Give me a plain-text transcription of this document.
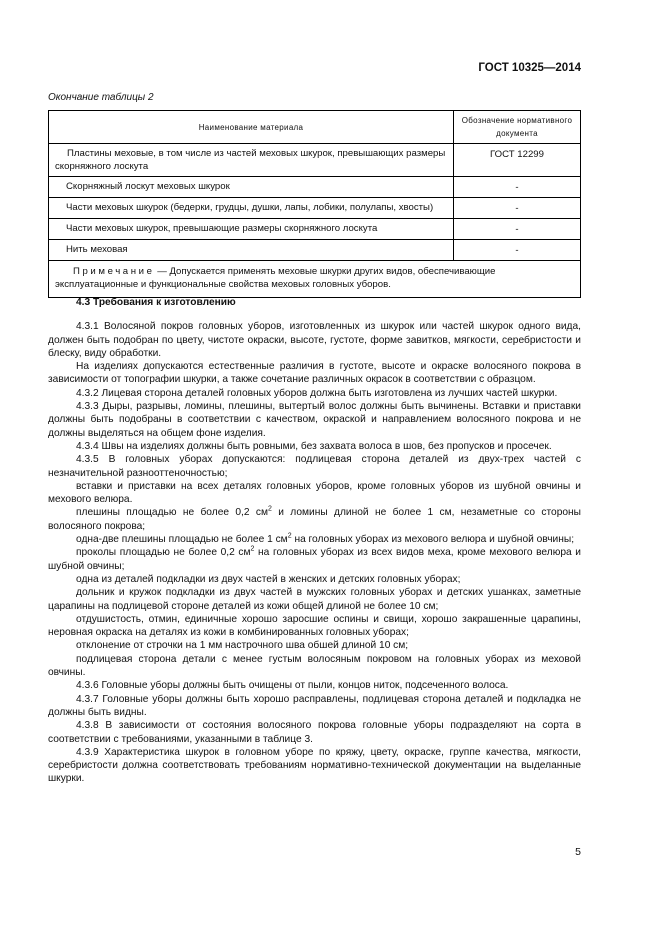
ГОСТ 10325—2014
Окончание таблицы 2
Наименование материала	Обозначение нормативного документа
Пластины меховые, в том числе из частей меховых шкурок, превышающих размеры скорняжного лоскута	ГОСТ 12299
Скорняжный лоскут меховых шкурок	-
Части меховых шкурок (бедерки, грудцы, душки, лапы, лобики, полулапы, хвосты)	-
Части меховых шкурок, превышающие размеры скорняжного лоскута	-
Нить меховая	-
Примечание — Допускается применять меховые шкурки других видов, обеспечивающие эксплуатационные и функциональные свойства меховых головных уборов.	
4.3 Требования к изготовлению

4.3.1 Волосяной покров головных уборов, изготовленных из шкурок или частей шкурок одного вида, должен быть подобран по цвету, чистоте окраски, высоте, густоте, форме завитков, мягкости, серебристости и блеску, виду обработки.

На изделиях допускаются естественные различия в густоте, высоте и окраске волосяного покрова в зависимости от топографии шкурки, а также сочетание различных окрасок в соответствии с образцом.

4.3.2 Лицевая сторона деталей головных уборов должна быть изготовлена из лучших частей шкурки.

4.3.3 Дыры, разрывы, ломины, плешины, вытертый волос должны быть вычинены. Вставки и приставки должны быть подобраны в соответствии с качеством, окраской и направлением волосяного покрова и не должны выделяться на общем фоне изделия.

4.3.4 Швы на изделиях должны быть ровными, без захвата волоса в шов, без пропусков и просечек.

4.3.5 В головных уборах допускаются: подлицевая сторона деталей из двух-трех частей с незначительной разнооттеночностью;

вставки и приставки на всех деталях головных уборов, кроме головных уборов из шубной овчины и мехового велюра.

плешины площадью не более 0,2 $см^2$ и ломины длиной не более 1 см, незаметные со стороны волосяного покрова;

одна-две плешины площадью не более 1 $см^2$ на головных уборах из мехового велюра и шубной овчины;

проколы площадью не более 0,2 $см^2$ на головных уборах из всех видов меха, кроме мехового велюра и шубной овчины;

одна из деталей подкладки из двух частей в женских и детских головных уборах;

дольник и кружок подкладки из двух частей в мужских головных уборах и детских ушанках, заметные царапины на подлицевой стороне деталей из кожи общей длиной не более 10 см;

отдушистость, отмин, единичные хорошо заросшие оспины и свищи, хорошо закрашенные царапины, неровная окраска на деталях из кожи в комбинированных головных уборах;

отклонение от строчки на 1 мм настрочного шва обшей длиной 10 см;

подлицевая сторона детали с менее густым волосяным покровом на головных уборах из меховой овчины.

4.3.6 Головные уборы должны быть очищены от пыли, концов ниток, подсеченного волоса.

4.3.7 Головные уборы должны быть хорошо расправлены, подлицевая сторона деталей и подкладка не должны быть видны.

4.3.8 В зависимости от состояния волосяного покрова головные уборы подразделяют на сорта в соответствии с требованиями, указанными в таблице 3.

4.3.9 Характеристика шкурок в головном уборе по кряжу, цвету, окраске, группе качества, мягкости, серебристости должна соответствовать требованиям нормативно-технической документации на выделанные шкурки.

5
